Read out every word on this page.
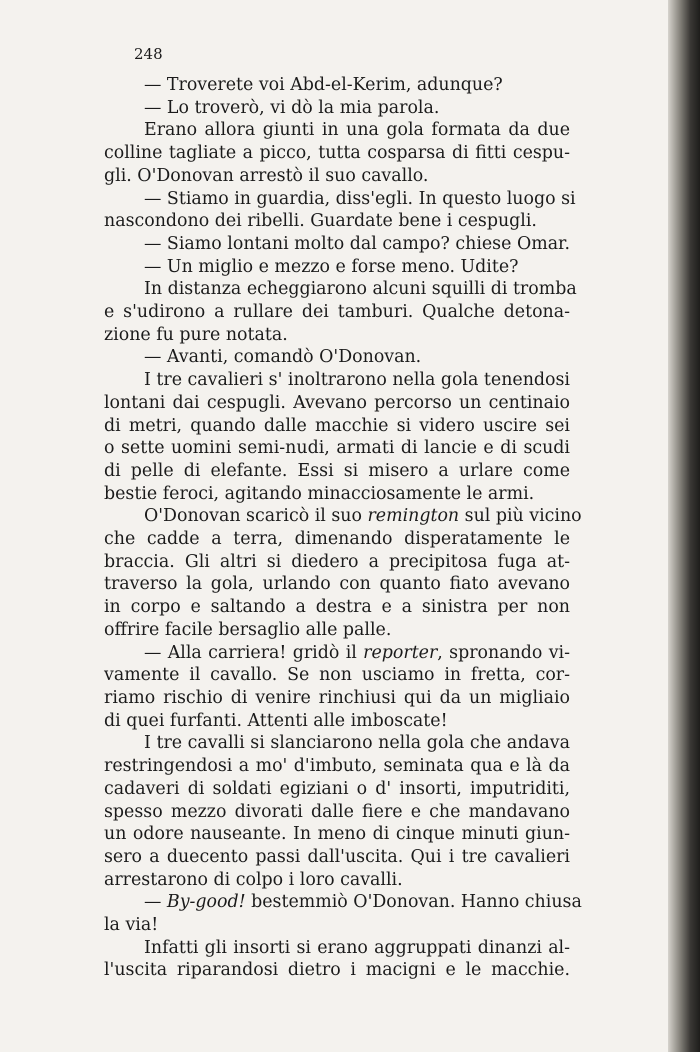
248
— Troverete voi Abd-el-Kerim, adunque?
— Lo troverò, vi dò la mia parola.
Erano allora giunti in una gola formata da due
colline tagliate a picco, tutta cosparsa di fitti cespu-
gli. O'Donovan arrestò il suo cavallo.
— Stiamo in guardia, diss'egli. In questo luogo si
nascondono dei ribelli. Guardate bene i cespugli.
— Siamo lontani molto dal campo? chiese Omar.
— Un miglio e mezzo e forse meno. Udite?
In distanza echeggiarono alcuni squilli di tromba
e s'udirono a rullare dei tamburi. Qualche detona-
zione fu pure notata.
— Avanti, comandò O'Donovan.
I tre cavalieri s' inoltrarono nella gola tenendosi
lontani dai cespugli. Avevano percorso un centinaio
di metri, quando dalle macchie si videro uscire sei
o sette uomini semi-nudi, armati di lancie e di scudi
di pelle di elefante. Essi si misero a urlare come
bestie feroci, agitando minacciosamente le armi.
O'Donovan scaricò il suo remington sul più vicino
che cadde a terra, dimenando disperatamente le
braccia. Gli altri si diedero a precipitosa fuga at-
traverso la gola, urlando con quanto fiato avevano
in corpo e saltando a destra e a sinistra per non
offrire facile bersaglio alle palle.
— Alla carriera! gridò il reporter, spronando vi-
vamente il cavallo. Se non usciamo in fretta, cor-
riamo rischio di venire rinchiusi qui da un migliaio
di quei furfanti. Attenti alle imboscate!
I tre cavalli si slanciarono nella gola che andava
restringendosi a mo' d'imbuto, seminata qua e là da
cadaveri di soldati egiziani o d' insorti, imputriditi,
spesso mezzo divorati dalle fiere e che mandavano
un odore nauseante. In meno di cinque minuti giun-
sero a duecento passi dall'uscita. Qui i tre cavalieri
arrestarono di colpo i loro cavalli.
— By-good! bestemmiò O'Donovan. Hanno chiusa
la via!
Infatti gli insorti si erano aggruppati dinanzi al-
l'uscita riparandosi dietro i macigni e le macchie.
